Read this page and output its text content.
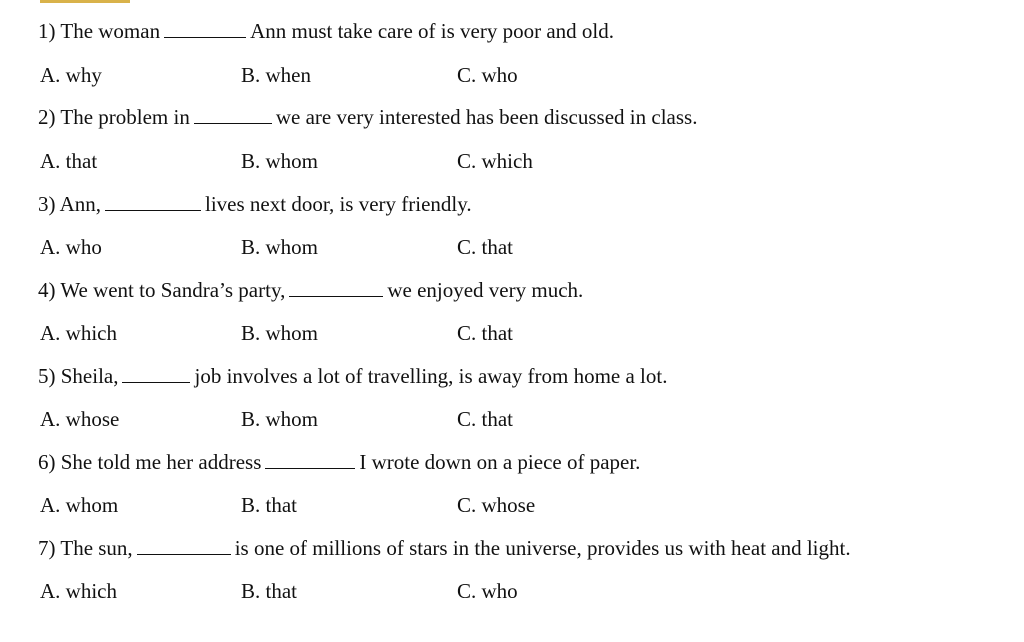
1) The woman	Ann must take care of is very poor and old.
A. why	B. when	C. who
2) The problem in	we are very interested has been discussed in class.
A. that	B. whom	C. which
3) Ann,	lives next door, is very friendly.
A. who	B. whom	C. that
4) We went to Sandra’s party,	we enjoyed very much.
A. which	B. whom	C. that
5) Sheila,	job involves a lot of travelling, is away from home a lot.
A. whose	B. whom	C. that
6) She told me her address	I wrote down on a piece of paper.
A. whom	B. that	C. whose
7) The sun,	is one of millions of stars in the universe, provides us with heat and light.
A. which	B. that	C. who
